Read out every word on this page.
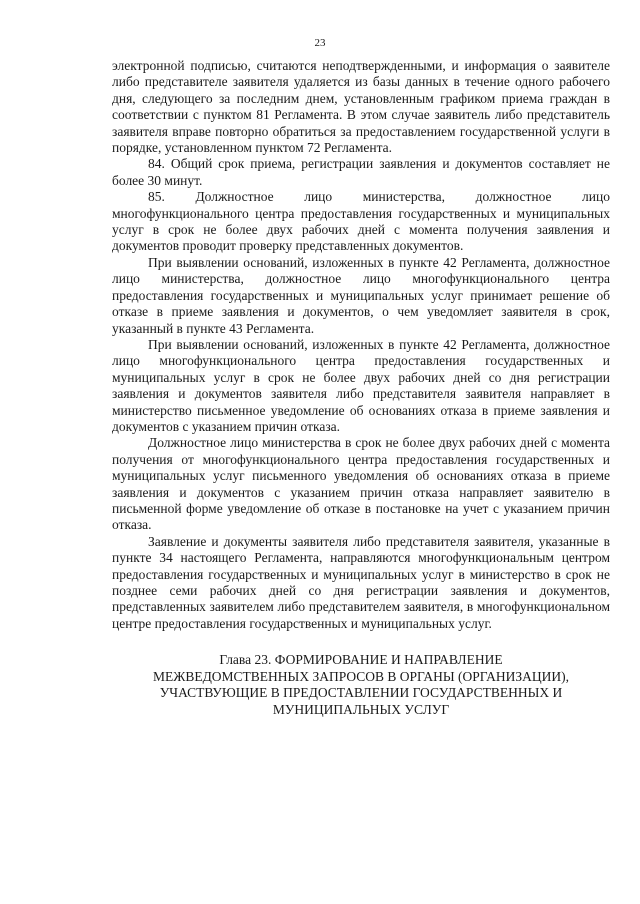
23

электронной подписью, считаются неподтвержденными, и информация о заявителе либо представителе заявителя удаляется из базы данных в течение одного рабочего дня, следующего за последним днем, установленным графиком приема граждан в соответствии с пунктом 81 Регламента. В этом случае заявитель либо представитель заявителя вправе повторно обратиться за предоставлением государственной услуги в порядке, установленном пунктом 72 Регламента.

84. Общий срок приема, регистрации заявления и документов составляет не более 30 минут.

85. Должностное лицо министерства, должностное лицо многофункционального центра предоставления государственных и муниципальных услуг в срок не более двух рабочих дней с момента получения заявления и документов проводит проверку представленных документов.

При выявлении оснований, изложенных в пункте 42 Регламента, должностное лицо министерства, должностное лицо многофункционального центра предоставления государственных и муниципальных услуг принимает решение об отказе в приеме заявления и документов, о чем уведомляет заявителя в срок, указанный в пункте 43 Регламента.

При выявлении оснований, изложенных в пункте 42 Регламента, должностное лицо многофункционального центра предоставления государственных и муниципальных услуг в срок не более двух рабочих дней со дня регистрации заявления и документов заявителя либо представителя заявителя направляет в министерство письменное уведомление об основаниях отказа в приеме заявления и документов с указанием причин отказа.

Должностное лицо министерства в срок не более двух рабочих дней с момента получения от многофункционального центра предоставления государственных и муниципальных услуг письменного уведомления об основаниях отказа в приеме заявления и документов с указанием причин отказа направляет заявителю в письменной форме уведомление об отказе в постановке на учет с указанием причин отказа.

Заявление и документы заявителя либо представителя заявителя, указанные в пункте 34 настоящего Регламента, направляются многофункциональным центром предоставления государственных и муниципальных услуг в министерство в срок не позднее семи рабочих дней со дня регистрации заявления и документов, представленных заявителем либо представителем заявителя, в многофункциональном центре предоставления государственных и муниципальных услуг.

Глава 23. ФОРМИРОВАНИЕ И НАПРАВЛЕНИЕ
МЕЖВЕДОМСТВЕННЫХ ЗАПРОСОВ В ОРГАНЫ (ОРГАНИЗАЦИИ),
УЧАСТВУЮЩИЕ В ПРЕДОСТАВЛЕНИИ ГОСУДАРСТВЕННЫХ И
МУНИЦИПАЛЬНЫХ УСЛУГ
